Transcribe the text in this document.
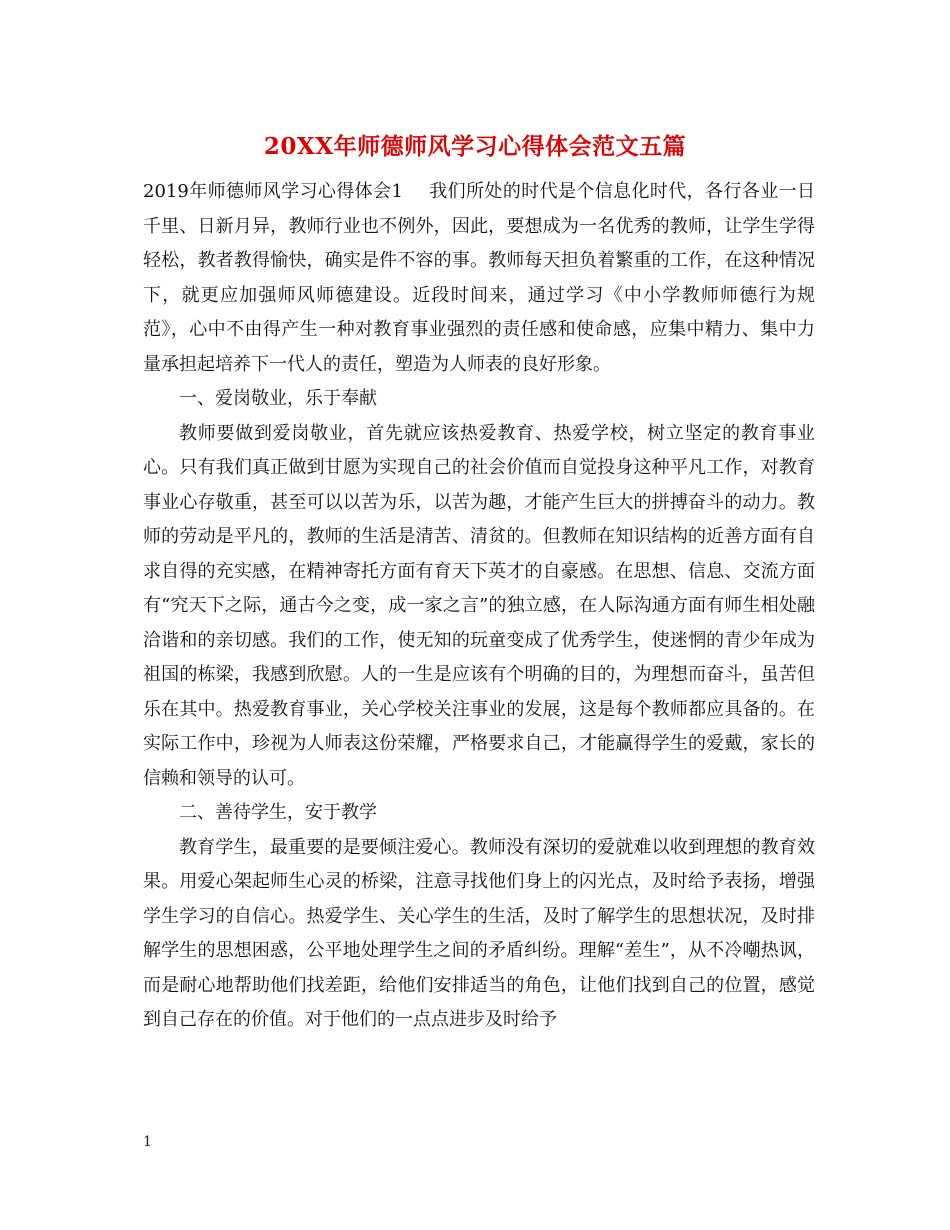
20XX年师德师风学习心得体会范文五篇

2019年师德师风学习心得体会1 我们所处的时代是个信息化时代，各行各业一日千里、日新月异，教师行业也不例外，因此，要想成为一名优秀的教师，让学生学得轻松，教者教得愉快，确实是件不容的事。教师每天担负着繁重的工作，在这种情况下，就更应加强师风师德建设。近段时间来，通过学习《中小学教师师德行为规范》，心中不由得产生一种对教育事业强烈的责任感和使命感，应集中精力、集中力量承担起培养下一代人的责任，塑造为人师表的良好形象。

一、爱岗敬业，乐于奉献

教师要做到爱岗敬业，首先就应该热爱教育、热爱学校，树立坚定的教育事业心。只有我们真正做到甘愿为实现自己的社会价值而自觉投身这种平凡工作，对教育事业心存敬重，甚至可以以苦为乐，以苦为趣，才能产生巨大的拼搏奋斗的动力。教师的劳动是平凡的，教师的生活是清苦、清贫的。但教师在知识结构的近善方面有自求自得的充实感，在精神寄托方面有育天下英才的自豪感。在思想、信息、交流方面有“究天下之际，通古今之变，成一家之言”的独立感，在人际沟通方面有师生相处融洽谐和的亲切感。我们的工作，使无知的玩童变成了优秀学生，使迷惘的青少年成为祖国的栋梁，我感到欣慰。人的一生是应该有个明确的目的，为理想而奋斗，虽苦但乐在其中。热爱教育事业，关心学校关注事业的发展，这是每个教师都应具备的。在实际工作中，珍视为人师表这份荣耀，严格要求自己，才能赢得学生的爱戴，家长的信赖和领导的认可。

二、善待学生，安于教学

教育学生，最重要的是要倾注爱心。教师没有深切的爱就难以收到理想的教育效果。用爱心架起师生心灵的桥梁，注意寻找他们身上的闪光点，及时给予表扬，增强学生学习的自信心。热爱学生、关心学生的生活，及时了解学生的思想状况，及时排解学生的思想困惑，公平地处理学生之间的矛盾纠纷。理解“差生”，从不冷嘲热讽，而是耐心地帮助他们找差距，给他们安排适当的角色，让他们找到自己的位置，感觉到自己存在的价值。对于他们的一点点进步及时给予

1
